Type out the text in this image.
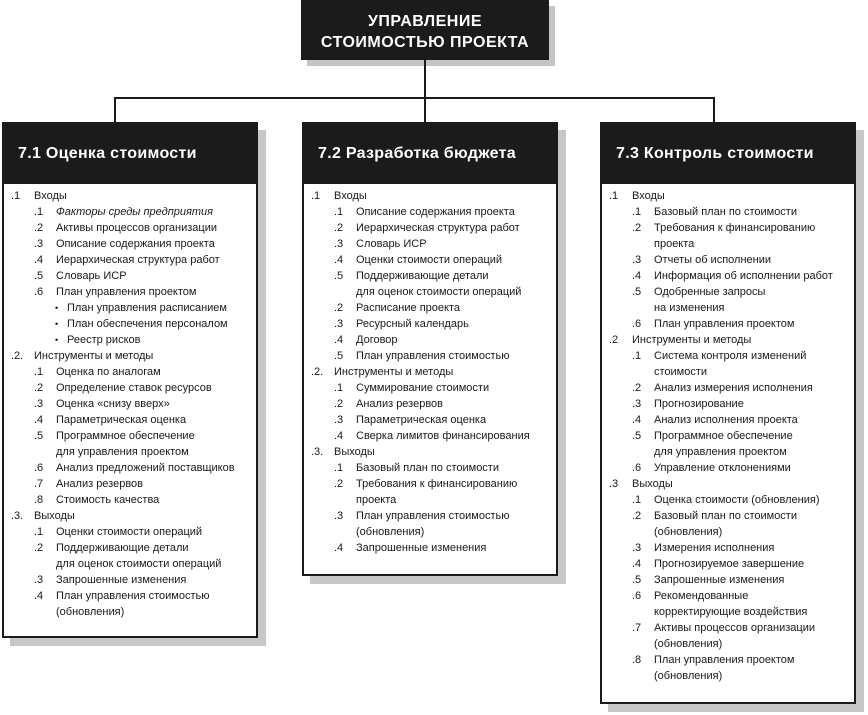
УПРАВЛЕНИЕ
СТОИМОСТЬЮ ПРОЕКТА
7.1 Оценка стоимости
.1 Входы
.1 Факторы среды предприятия
.2 Активы процессов организации
.3 Описание содержания проекта
.4 Иерархическая структура работ
.5 Словарь ИСР
.6 План управления проектом
• План управления расписанием
• План обеспечения персоналом
• Реестр рисков
.2. Инструменты и методы
.1 Оценка по аналогам
.2 Определение ставок ресурсов
.3 Оценка «снизу вверх»
.4 Параметрическая оценка
.5 Программное обеспечение
для управления проектом
.6 Анализ предложений поставщиков
.7 Анализ резервов
.8 Стоимость качества
.3. Выходы
.1 Оценки стоимости операций
.2 Поддерживающие детали
для оценок стоимости операций
.3 Запрошенные изменения
.4 План управления стоимостью
(обновления)
7.2 Разработка бюджета
.1 Входы
.1 Описание содержания проекта
.2 Иерархическая структура работ
.3 Словарь ИСР
.4 Оценки стоимости операций
.5 Поддерживающие детали
для оценок стоимости операций
.2 Расписание проекта
.3 Ресурсный календарь
.4 Договор
.5 План управления стоимостью
.2. Инструменты и методы
.1 Суммирование стоимости
.2 Анализ резервов
.3 Параметрическая оценка
.4 Сверка лимитов финансирования
.3. Выходы
.1 Базовый план по стоимости
.2 Требования к финансированию
проекта
.3 План управления стоимостью
(обновления)
.4 Запрошенные изменения
7.3 Контроль стоимости
.1 Входы
.1 Базовый план по стоимости
.2 Требования к финансированию
проекта
.3 Отчеты об исполнении
.4 Информация об исполнении работ
.5 Одобренные запросы
на изменения
.6 План управления проектом
.2 Инструменты и методы
.1 Система контроля изменений
стоимости
.2 Анализ измерения исполнения
.3 Прогнозирование
.4 Анализ исполнения проекта
.5 Программное обеспечение
для управления проектом
.6 Управление отклонениями
.3 Выходы
.1 Оценка стоимости (обновления)
.2 Базовый план по стоимости
(обновления)
.3 Измерения исполнения
.4 Прогнозируемое завершение
.5 Запрошенные изменения
.6 Рекомендованные
корректирующие воздействия
.7 Активы процессов организации
(обновления)
.8 План управления проектом
(обновления)
